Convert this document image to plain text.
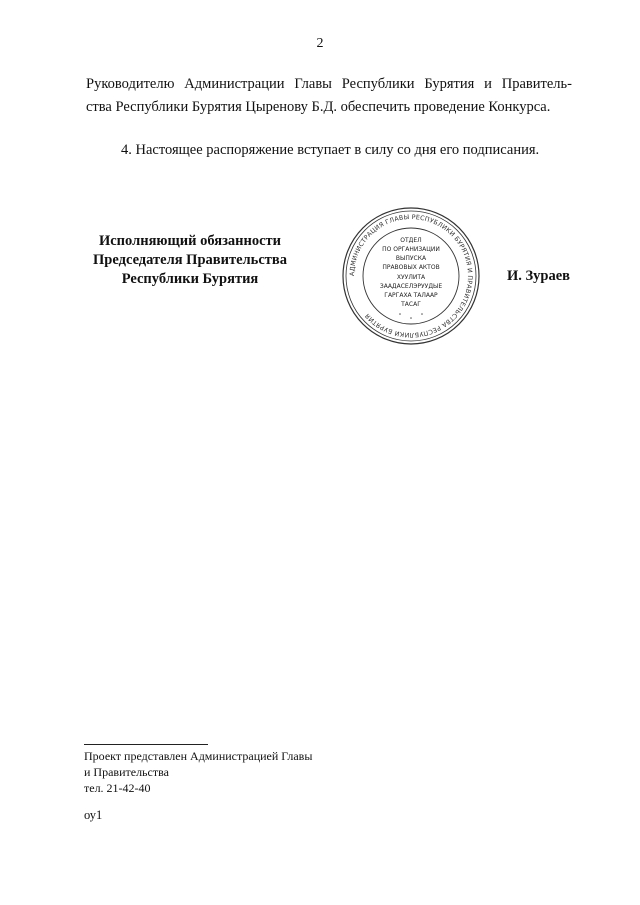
2
Руководителю Администрации Главы Республики Бурятия и Правитель-
ства Республики Бурятия Цыренову Б.Д. обеспечить проведение Конкурса.
4. Настоящее распоряжение вступает в силу со дня его подписания.
Исполняющий обязанности
Председателя Правительства
Республики Бурятия	АДМИНИСТРАЦИЯ ГЛАВЫ РЕСПУБЛИКИ БУРЯТИЯ И ПРАВИТЕЛЬСТВА РЕСПУБЛИКИ БУРЯТИЯ
ОТДЕЛ
ПО ОРГАНИЗАЦИИ
ВЫПУСКА
ПРАВОВЫХ АКТОВ
ХУУЛИТА
ЗААДАСЕЛЭРУУДЫЕ
ГАРГАХА ТАЛААР
ТАСАГ
И. Зураев
Проект представлен Администрацией Главы
и Правительства
тел. 21-42-40
оу1
